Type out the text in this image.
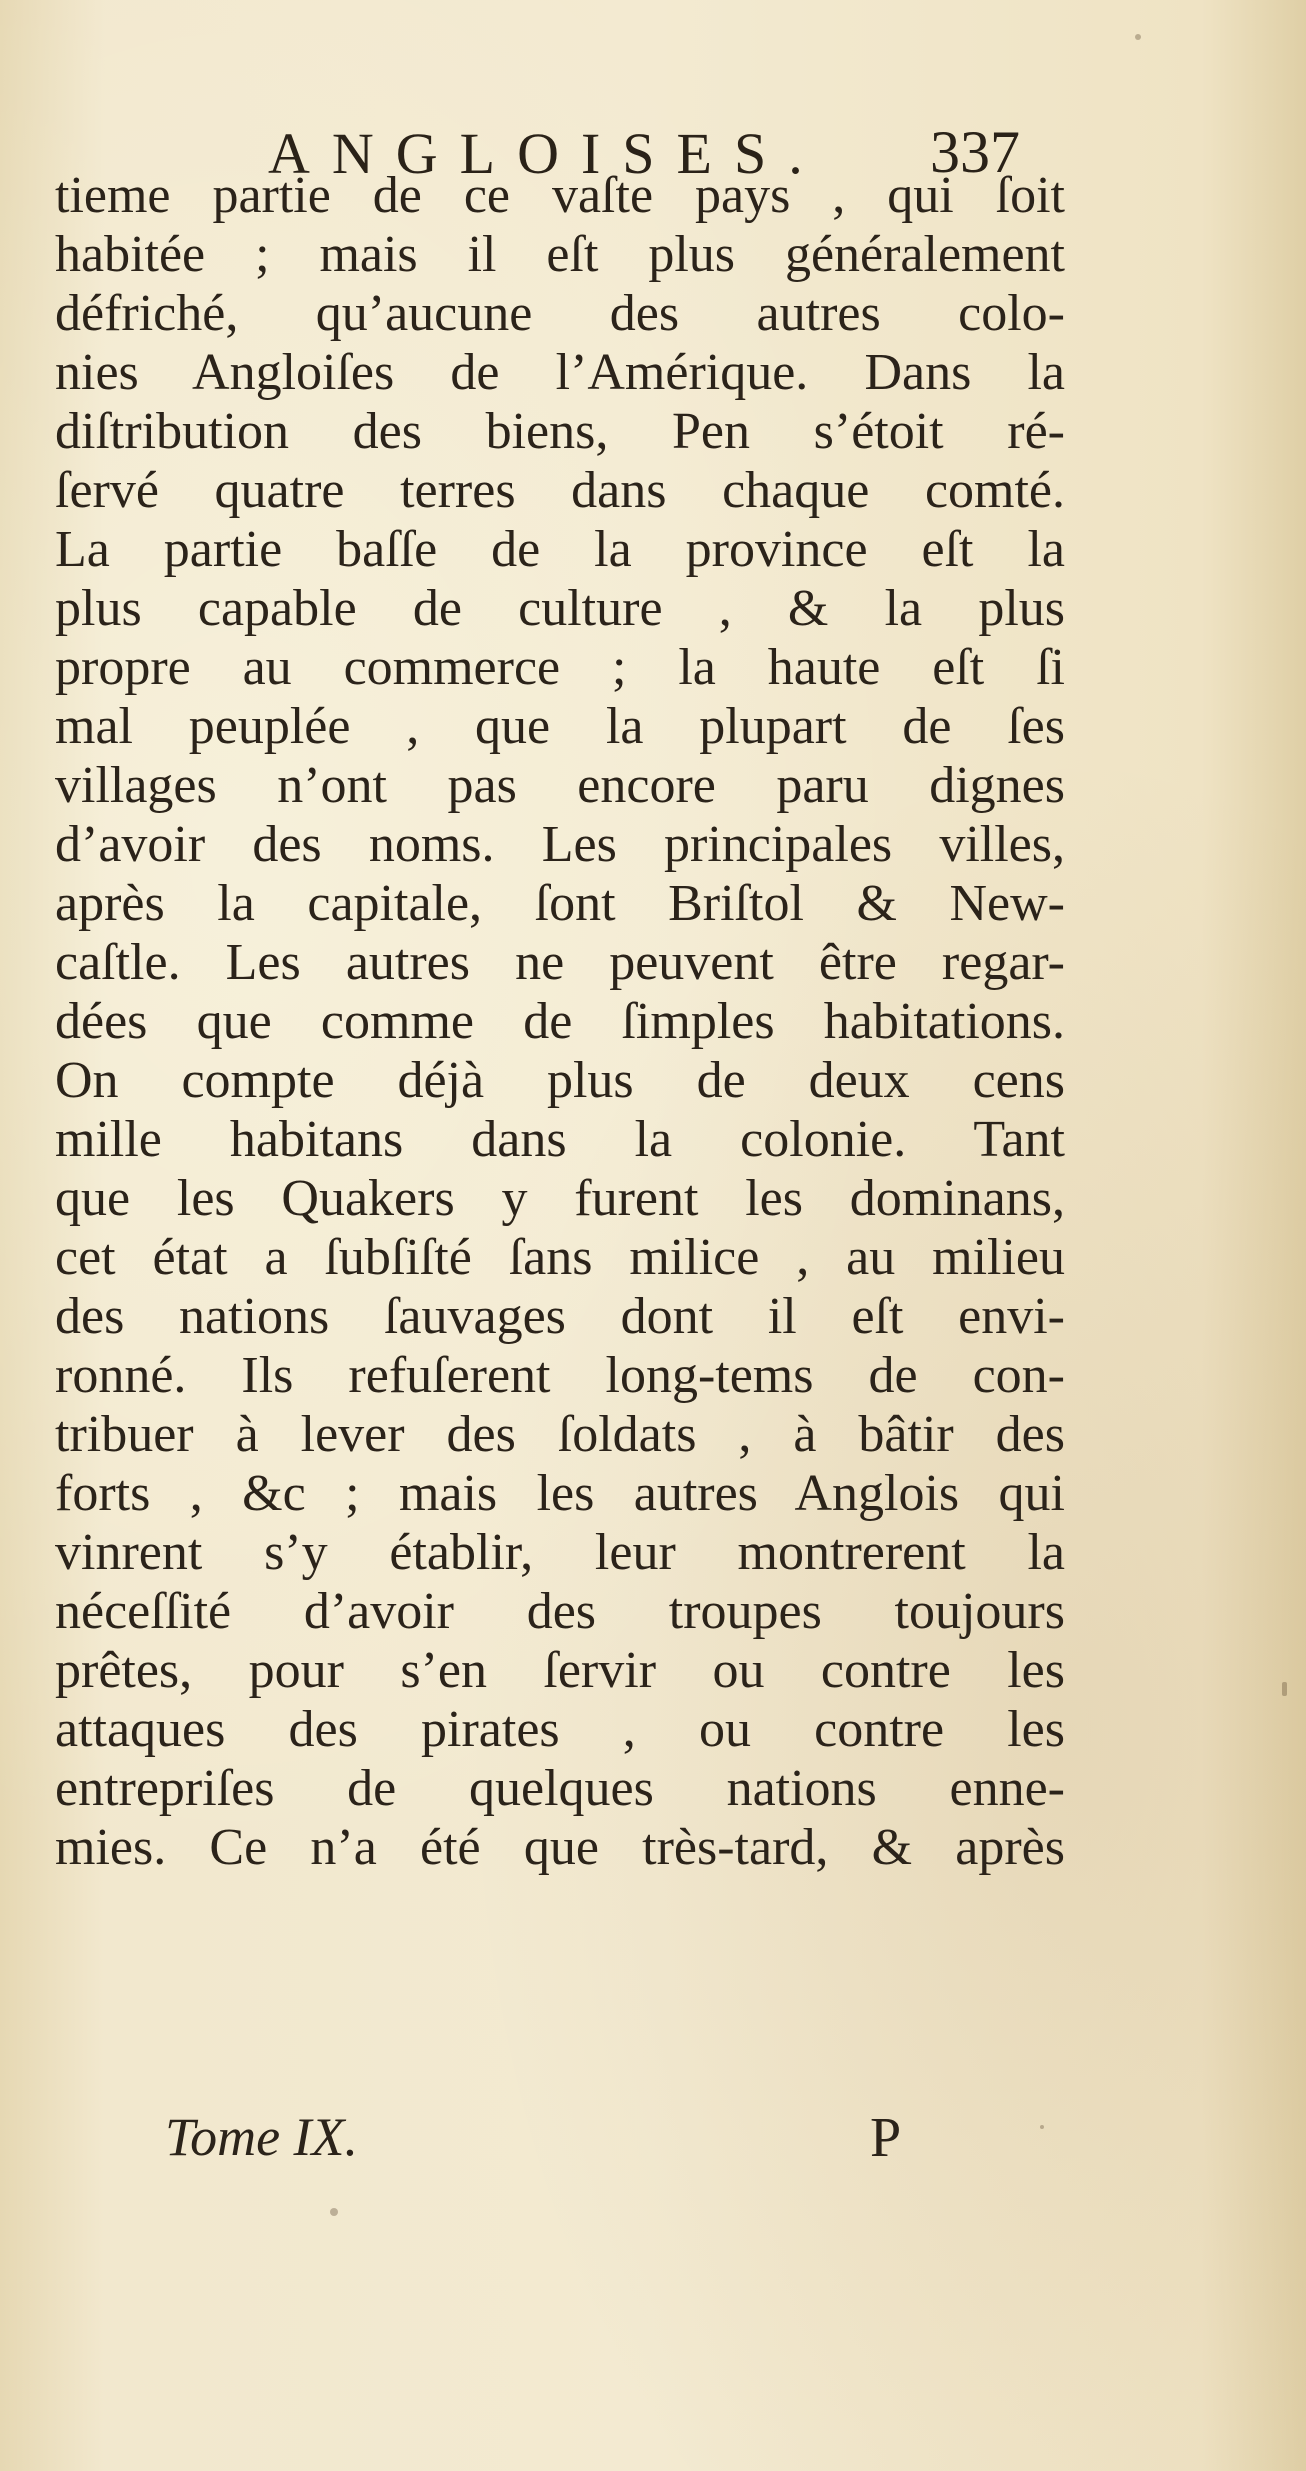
ANGLOISES. 337
tieme partie de ce vaſte pays , qui ſoit
habitée ; mais il eſt plus généralement
défriché, qu’aucune des autres colo-
nies Angloiſes de l’Amérique. Dans la
diſtribution des biens, Pen s’étoit ré-
ſervé quatre terres dans chaque comté.
La partie baſſe de la province eſt la
plus capable de culture , & la plus
propre au commerce ; la haute eſt ſi
mal peuplée , que la plupart de ſes
villages n’ont pas encore paru dignes
d’avoir des noms. Les principales villes,
après la capitale, ſont Briſtol & New-
caſtle. Les autres ne peuvent être regar-
dées que comme de ſimples habitations.
On compte déjà plus de deux cens
mille habitans dans la colonie. Tant
que les Quakers y furent les dominans,
cet état a ſubſiſté ſans milice , au milieu
des nations ſauvages dont il eſt envi-
ronné. Ils refuſerent long-tems de con-
tribuer à lever des ſoldats , à bâtir des
forts , &c ; mais les autres Anglois qui
vinrent s’y établir, leur montrerent la
néceſſité d’avoir des troupes toujours
prêtes, pour s’en ſervir ou contre les
attaques des pirates , ou contre les
entrepriſes de quelques nations enne-
mies. Ce n’a été que très-tard, & après
Tome IX.	P
